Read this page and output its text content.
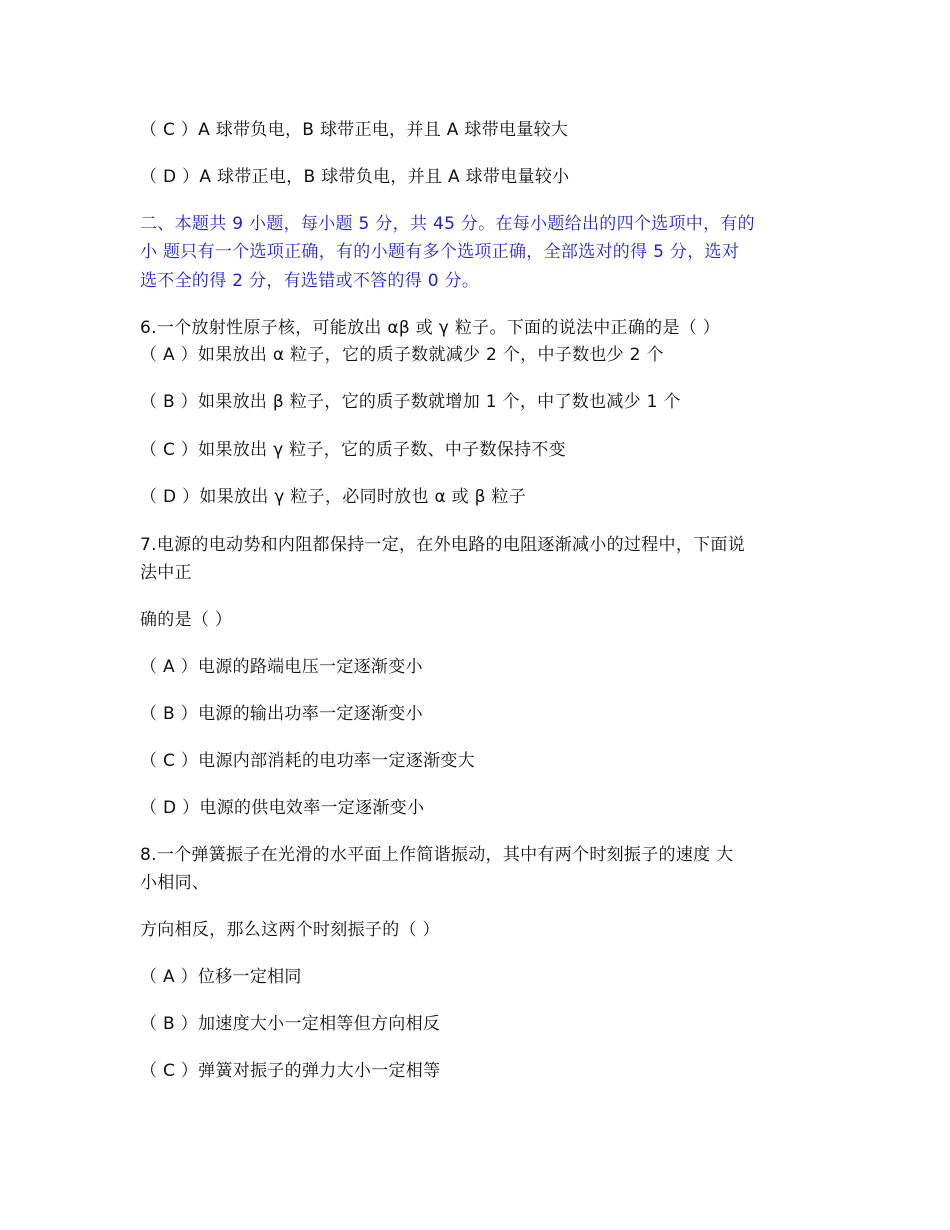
（ C ）A 球带负电，B 球带正电，并且 A 球带电量较大
（ D ）A 球带正电，B 球带负电，并且 A 球带电量较小
二、本题共 9 小题，每小题 5 分，共 45 分。在每小题给出的四个选项中，有的
小 题只有一个选项正确，有的小题有多个选项正确，全部选对的得 5 分，选对
选不全的得 2 分，有选错或不答的得 0 分。
6.一个放射性原子核，可能放出 αβ 或 γ 粒子。下面的说法中正确的是（ ）
（ A ）如果放出 α 粒子，它的质子数就减少 2 个，中子数也少 2 个
（ B ）如果放出 β 粒子，它的质子数就增加 1 个，中了数也减少 1 个
（ C ）如果放出 γ 粒子，它的质子数、中子数保持不变
（ D ）如果放出 γ 粒子，必同时放也 α 或 β 粒子
7.电源的电动势和内阻都保持一定，在外电路的电阻逐渐减小的过程中，下面说
法中正
确的是（ ）
（ A ）电源的路端电压一定逐渐变小
（ B ）电源的输出功率一定逐渐变小
（ C ）电源内部消耗的电功率一定逐渐变大
（ D ）电源的供电效率一定逐渐变小
8.一个弹簧振子在光滑的水平面上作简谐振动，其中有两个时刻振子的速度 大
小相同、
方向相反，那么这两个时刻振子的（ ）
（ A ）位移一定相同
（ B ）加速度大小一定相等但方向相反
（ C ）弹簧对振子的弹力大小一定相等
